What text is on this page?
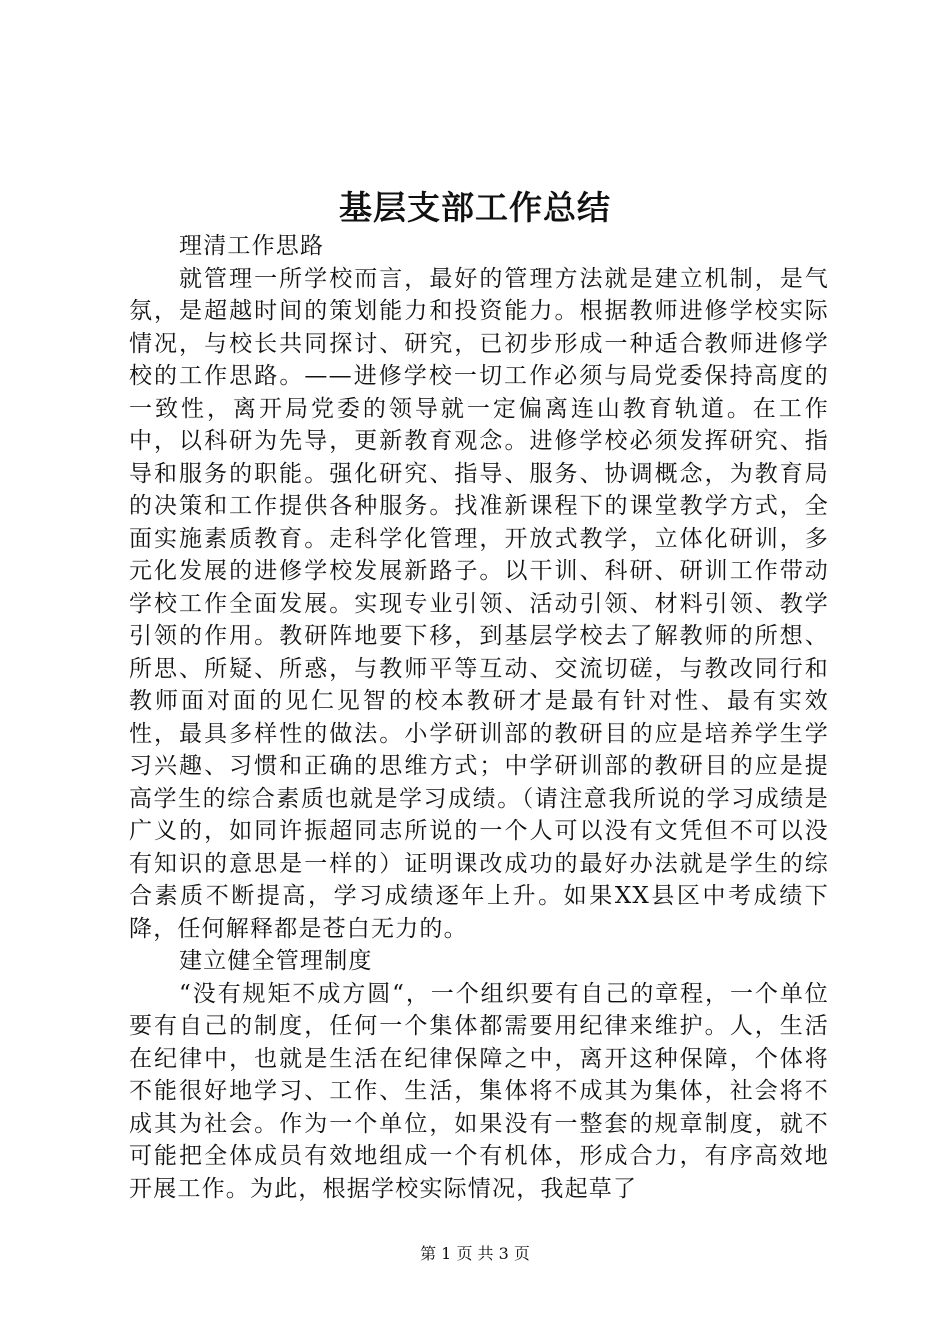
基层支部工作总结

理清工作思路

就管理一所学校而言，最好的管理方法就是建立机制，是气氛，是超越时间的策划能力和投资能力。根据教师进修学校实际情况，与校长共同探讨、研究，已初步形成一种适合教师进修学校的工作思路。——进修学校一切工作必须与局党委保持高度的一致性，离开局党委的领导就一定偏离连山教育轨道。在工作中，以科研为先导，更新教育观念。进修学校必须发挥研究、指导和服务的职能。强化研究、指导、服务、协调概念，为教育局的决策和工作提供各种服务。找准新课程下的课堂教学方式，全面实施素质教育。走科学化管理，开放式教学，立体化研训，多元化发展的进修学校发展新路子。以干训、科研、研训工作带动学校工作全面发展。实现专业引领、活动引领、材料引领、教学引领的作用。教研阵地要下移，到基层学校去了解教师的所想、所思、所疑、所惑，与教师平等互动、交流切磋，与教改同行和教师面对面的见仁见智的校本教研才是最有针对性、最有实效性，最具多样性的做法。小学研训部的教研目的应是培养学生学习兴趣、习惯和正确的思维方式；中学研训部的教研目的应是提高学生的综合素质也就是学习成绩。（请注意我所说的学习成绩是广义的，如同许振超同志所说的一个人可以没有文凭但不可以没有知识的意思是一样的）证明课改成功的最好办法就是学生的综合素质不断提高，学习成绩逐年上升。如果XX县区中考成绩下降，任何解释都是苍白无力的。

建立健全管理制度

“没有规矩不成方圆“，一个组织要有自己的章程，一个单位要有自己的制度，任何一个集体都需要用纪律来维护。人，生活在纪律中，也就是生活在纪律保障之中，离开这种保障，个体将不能很好地学习、工作、生活，集体将不成其为集体，社会将不成其为社会。作为一个单位，如果没有一整套的规章制度，就不可能把全体成员有效地组成一个有机体，形成合力，有序高效地开展工作。为此，根据学校实际情况，我起草了

第 1 页 共 3 页
